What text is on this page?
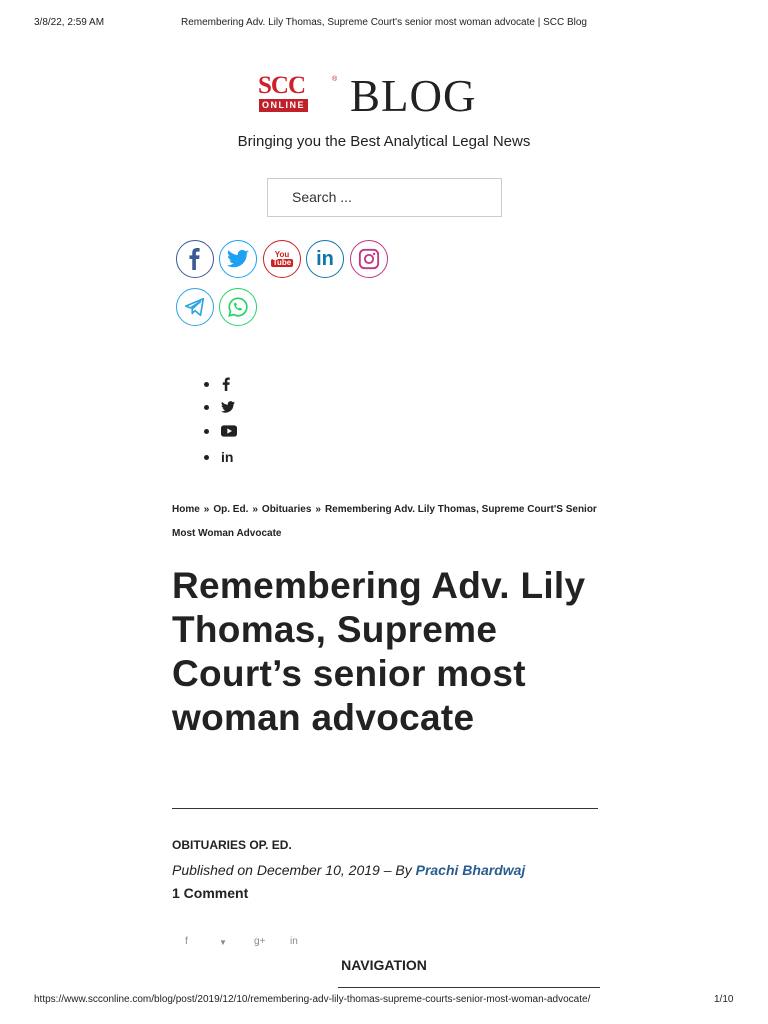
3/8/22, 2:59 AM	Remembering Adv. Lily Thomas, Supreme Court's senior most woman advocate | SCC Blog
SCC
ONLINE
® BLOG
Bringing you the Best Analytical Legal News
Search ...
You
Tube in
in
Home » Op. Ed. » Obituaries » Remembering Adv. Lily Thomas, Supreme Court'S Senior Most Woman Advocate
Remembering Adv. Lily Thomas, Supreme Court’s senior most woman advocate
OBITUARIES OP. ED.
Published on December 10, 2019 – By Prachi Bhardwaj
1 Comment
f	▼	g+ in
NAVIGATION
https://www.scconline.com/blog/post/2019/12/10/remembering-adv-lily-thomas-supreme-courts-senior-most-woman-advocate/	1/10
